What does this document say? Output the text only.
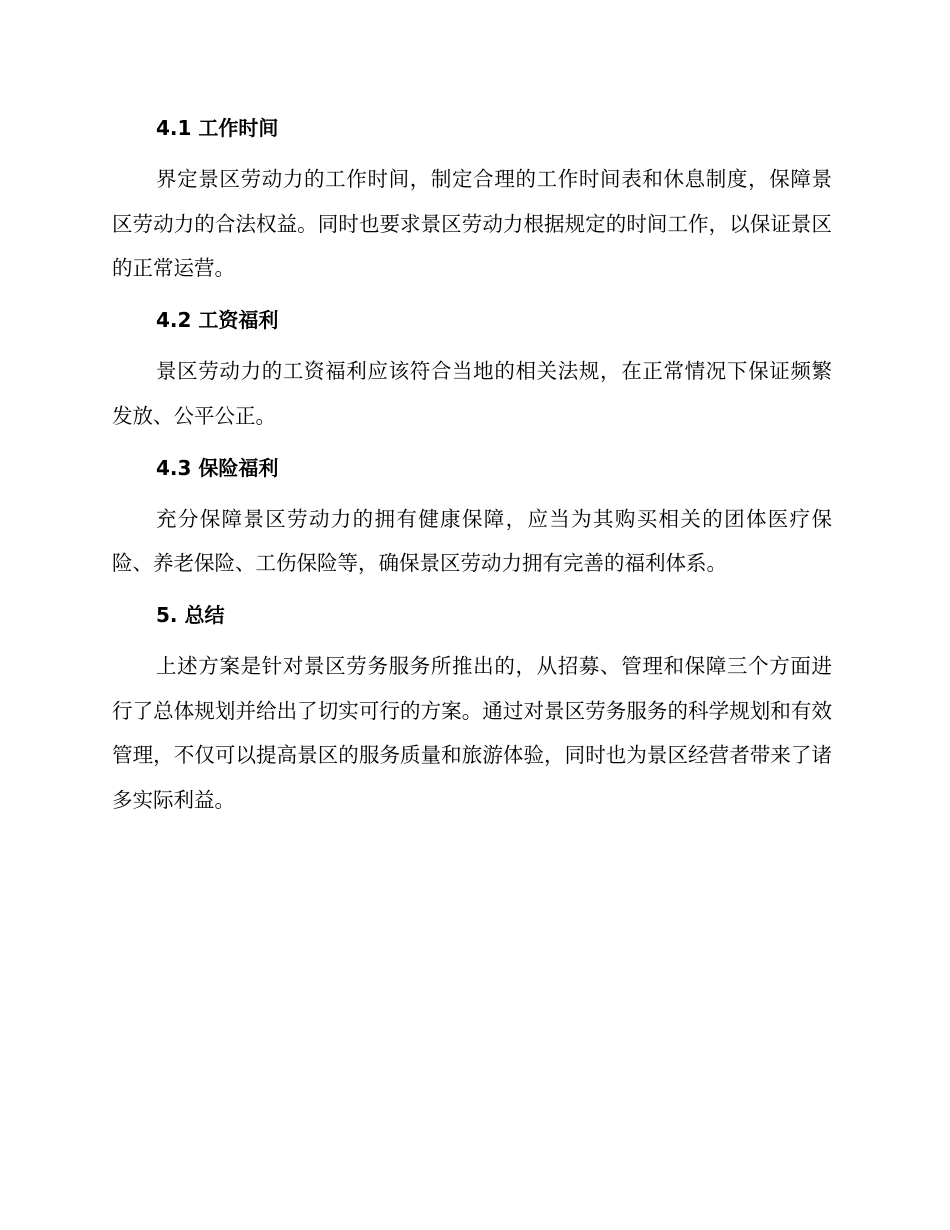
4.1 工作时间

界定景区劳动力的工作时间，制定合理的工作时间表和休息制度，保障景区劳动力的合法权益。同时也要求景区劳动力根据规定的时间工作，以保证景区的正常运营。

4.2 工资福利

景区劳动力的工资福利应该符合当地的相关法规，在正常情况下保证频繁发放、公平公正。

4.3 保险福利

充分保障景区劳动力的拥有健康保障，应当为其购买相关的团体医疗保险、养老保险、工伤保险等，确保景区劳动力拥有完善的福利体系。

5. 总结

上述方案是针对景区劳务服务所推出的，从招募、管理和保障三个方面进行了总体规划并给出了切实可行的方案。通过对景区劳务服务的科学规划和有效管理，不仅可以提高景区的服务质量和旅游体验，同时也为景区经营者带来了诸多实际利益。
